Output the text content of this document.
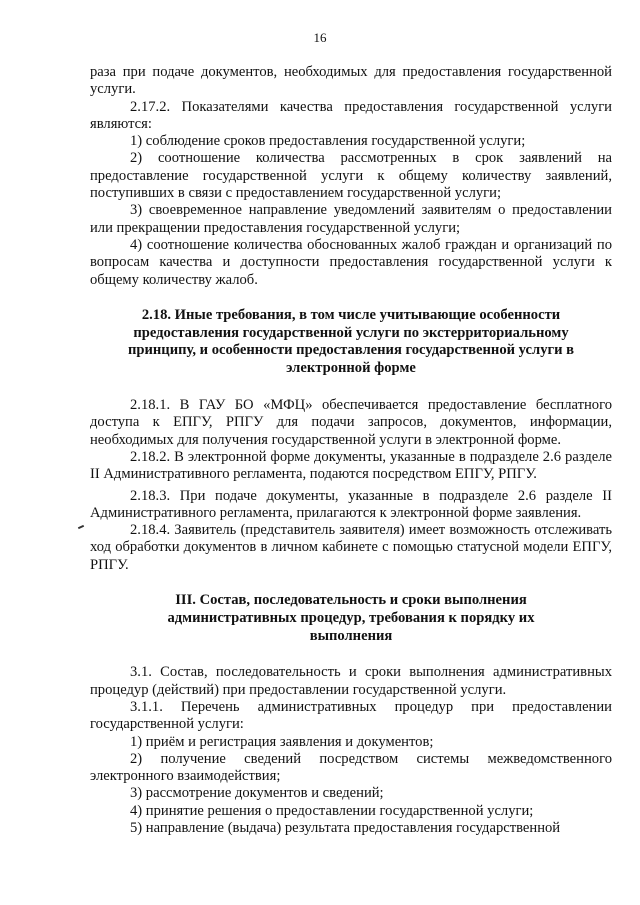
16

раза при подаче документов, необходимых для предоставления государственной услуги.

2.17.2. Показателями качества предоставления государственной услуги являются:

1) соблюдение сроков предоставления государственной услуги;

2) соотношение количества рассмотренных в срок заявлений на предоставление государственной услуги к общему количеству заявлений, поступивших в связи с предоставлением государственной услуги;

3) своевременное направление уведомлений заявителям о предоставлении или прекращении предоставления государственной услуги;

4) соотношение количества обоснованных жалоб граждан и организаций по вопросам качества и доступности предоставления государственной услуги к общему количеству жалоб.

2.18. Иные требования, в том числе учитывающие особенности предоставления государственной услуги по экстерриториальному принципу, и особенности предоставления государственной услуги в электронной форме

2.18.1. В ГАУ БО «МФЦ» обеспечивается предоставление бесплатного доступа к ЕПГУ, РПГУ для подачи запросов, документов, информации, необходимых для получения государственной услуги в электронной форме.

2.18.2. В электронной форме документы, указанные в подразделе 2.6 разделе II Административного регламента, подаются посредством ЕПГУ, РПГУ.

2.18.3. При подаче документы, указанные в подразделе 2.6 разделе II Административного регламента, прилагаются к электронной форме заявления.

2.18.4. Заявитель (представитель заявителя) имеет возможность отслеживать ход обработки документов в личном кабинете с помощью статусной модели ЕПГУ, РПГУ.

III. Состав, последовательность и сроки выполнения административных процедур, требования к порядку их выполнения

3.1. Состав, последовательность и сроки выполнения административных процедур (действий) при предоставлении государственной услуги.

3.1.1. Перечень административных процедур при предоставлении государственной услуги:

1) приём и регистрация заявления и документов;

2) получение сведений посредством системы межведомственного электронного взаимодействия;

3) рассмотрение документов и сведений;

4) принятие решения о предоставлении государственной услуги;

5) направление (выдача) результата предоставления государственной
